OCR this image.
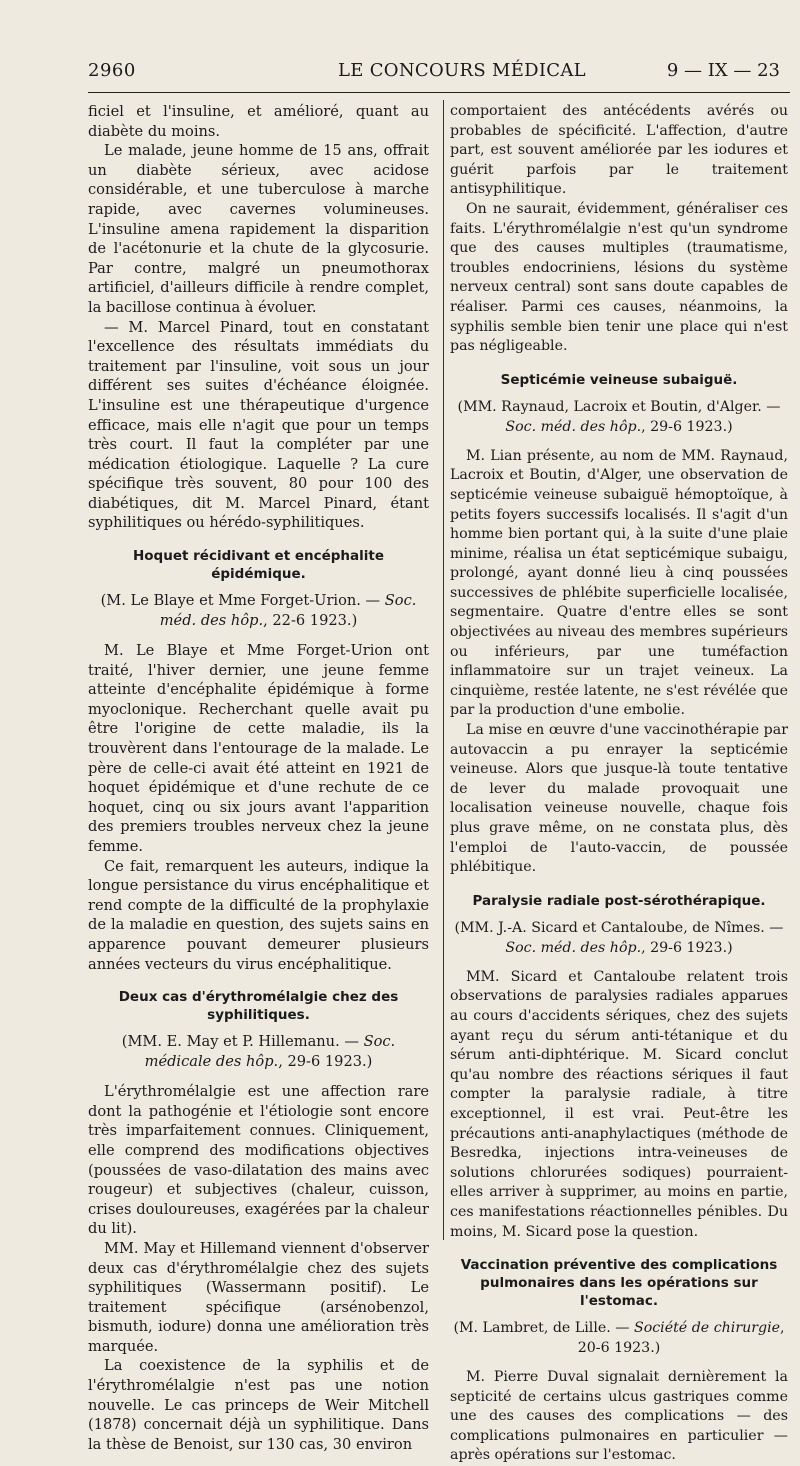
2960	LE CONCOURS MÉDICAL	9 — IX — 23

ficiel et l'insuline, et amélioré, quant au diabète du moins.

Le malade, jeune homme de 15 ans, offrait un diabète sérieux, avec acidose considérable, et une tuberculose à marche rapide, avec cavernes volumineuses. L'insuline amena rapidement la disparition de l'acétonurie et la chute de la glycosurie. Par contre, malgré un pneumothorax artificiel, d'ailleurs difficile à rendre complet, la bacillose continua à évoluer.

— M. Marcel Pinard, tout en constatant l'excellence des résultats immédiats du traitement par l'insuline, voit sous un jour différent ses suites d'échéance éloignée. L'insuline est une thérapeutique d'urgence efficace, mais elle n'agit que pour un temps très court. Il faut la compléter par une médication étiologique. Laquelle ? La cure spécifique très souvent, 80 pour 100 des diabétiques, dit M. Marcel Pinard, étant syphilitiques ou hérédo-syphilitiques.

Hoquet récidivant et encéphalite épidémique.
(M. Le Blaye et Mme Forget-Urion. — Soc. méd. des hôp., 22-6 1923.)

M. Le Blaye et Mme Forget-Urion ont traité, l'hiver dernier, une jeune femme atteinte d'encéphalite épidémique à forme myoclonique. Recherchant quelle avait pu être l'origine de cette maladie, ils la trouvèrent dans l'entourage de la malade. Le père de celle-ci avait été atteint en 1921 de hoquet épidémique et d'une rechute de ce hoquet, cinq ou six jours avant l'apparition des premiers troubles nerveux chez la jeune femme.

Ce fait, remarquent les auteurs, indique la longue persistance du virus encéphalitique et rend compte de la difficulté de la prophylaxie de la maladie en question, des sujets sains en apparence pouvant demeurer plusieurs années vecteurs du virus encéphalitique.

Deux cas d'érythromélalgie chez des syphilitiques.
(MM. E. May et P. Hillemanu. — Soc. médicale des hôp., 29-6 1923.)

L'érythromélalgie est une affection rare dont la pathogénie et l'étiologie sont encore très imparfaitement connues. Cliniquement, elle comprend des modifications objectives (poussées de vaso-dilatation des mains avec rougeur) et subjectives (chaleur, cuisson, crises douloureuses, exagérées par la chaleur du lit).

MM. May et Hillemand viennent d'observer deux cas d'érythromélalgie chez des sujets syphilitiques (Wassermann positif). Le traitement spécifique (arsénobenzol, bismuth, iodure) donna une amélioration très marquée.

La coexistence de la syphilis et de l'érythromélalgie n'est pas une notion nouvelle. Le cas princeps de Weir Mitchell (1878) concernait déjà un syphilitique. Dans la thèse de Benoist, sur 130 cas, 30 environ

comportaient des antécédents avérés ou probables de spécificité. L'affection, d'autre part, est souvent améliorée par les iodures et guérit parfois par le traitement antisyphilitique.

On ne saurait, évidemment, généraliser ces faits. L'érythromélalgie n'est qu'un syndrome que des causes multiples (traumatisme, troubles endocriniens, lésions du système nerveux central) sont sans doute capables de réaliser. Parmi ces causes, néanmoins, la syphilis semble bien tenir une place qui n'est pas négligeable.

Septicémie veineuse subaiguë.
(MM. Raynaud, Lacroix et Boutin, d'Alger. — Soc. méd. des hôp., 29-6 1923.)

M. Lian présente, au nom de MM. Raynaud, Lacroix et Boutin, d'Alger, une observation de septicémie veineuse subaiguë hémoptoïque, à petits foyers successifs localisés. Il s'agit d'un homme bien portant qui, à la suite d'une plaie minime, réalisa un état septicémique subaigu, prolongé, ayant donné lieu à cinq poussées successives de phlébite superficielle localisée, segmentaire. Quatre d'entre elles se sont objectivées au niveau des membres supérieurs ou inférieurs, par une tuméfaction inflammatoire sur un trajet veineux. La cinquième, restée latente, ne s'est révélée que par la production d'une embolie.

La mise en œuvre d'une vaccinothérapie par autovaccin a pu enrayer la septicémie veineuse. Alors que jusque-là toute tentative de lever du malade provoquait une localisation veineuse nouvelle, chaque fois plus grave même, on ne constata plus, dès l'emploi de l'auto-vaccin, de poussée phlébitique.

Paralysie radiale post-sérothérapique.
(MM. J.-A. Sicard et Cantaloube, de Nîmes. — Soc. méd. des hôp., 29-6 1923.)

MM. Sicard et Cantaloube relatent trois observations de paralysies radiales apparues au cours d'accidents sériques, chez des sujets ayant reçu du sérum anti-tétanique et du sérum anti-diphtérique. M. Sicard conclut qu'au nombre des réactions sériques il faut compter la paralysie radiale, à titre exceptionnel, il est vrai. Peut-être les précautions anti-anaphylactiques (méthode de Besredka, injections intra-veineuses de solutions chlorurées sodiques) pourraient-elles arriver à supprimer, au moins en partie, ces manifestations réactionnelles pénibles. Du moins, M. Sicard pose la question.

Vaccination préventive des complications pulmonaires dans les opérations sur l'estomac.
(M. Lambret, de Lille. — Société de chirurgie, 20-6 1923.)

M. Pierre Duval signalait dernièrement la septicité de certains ulcus gastriques comme une des causes des complications — des complications pulmonaires en particulier — après opérations sur l'estomac.
